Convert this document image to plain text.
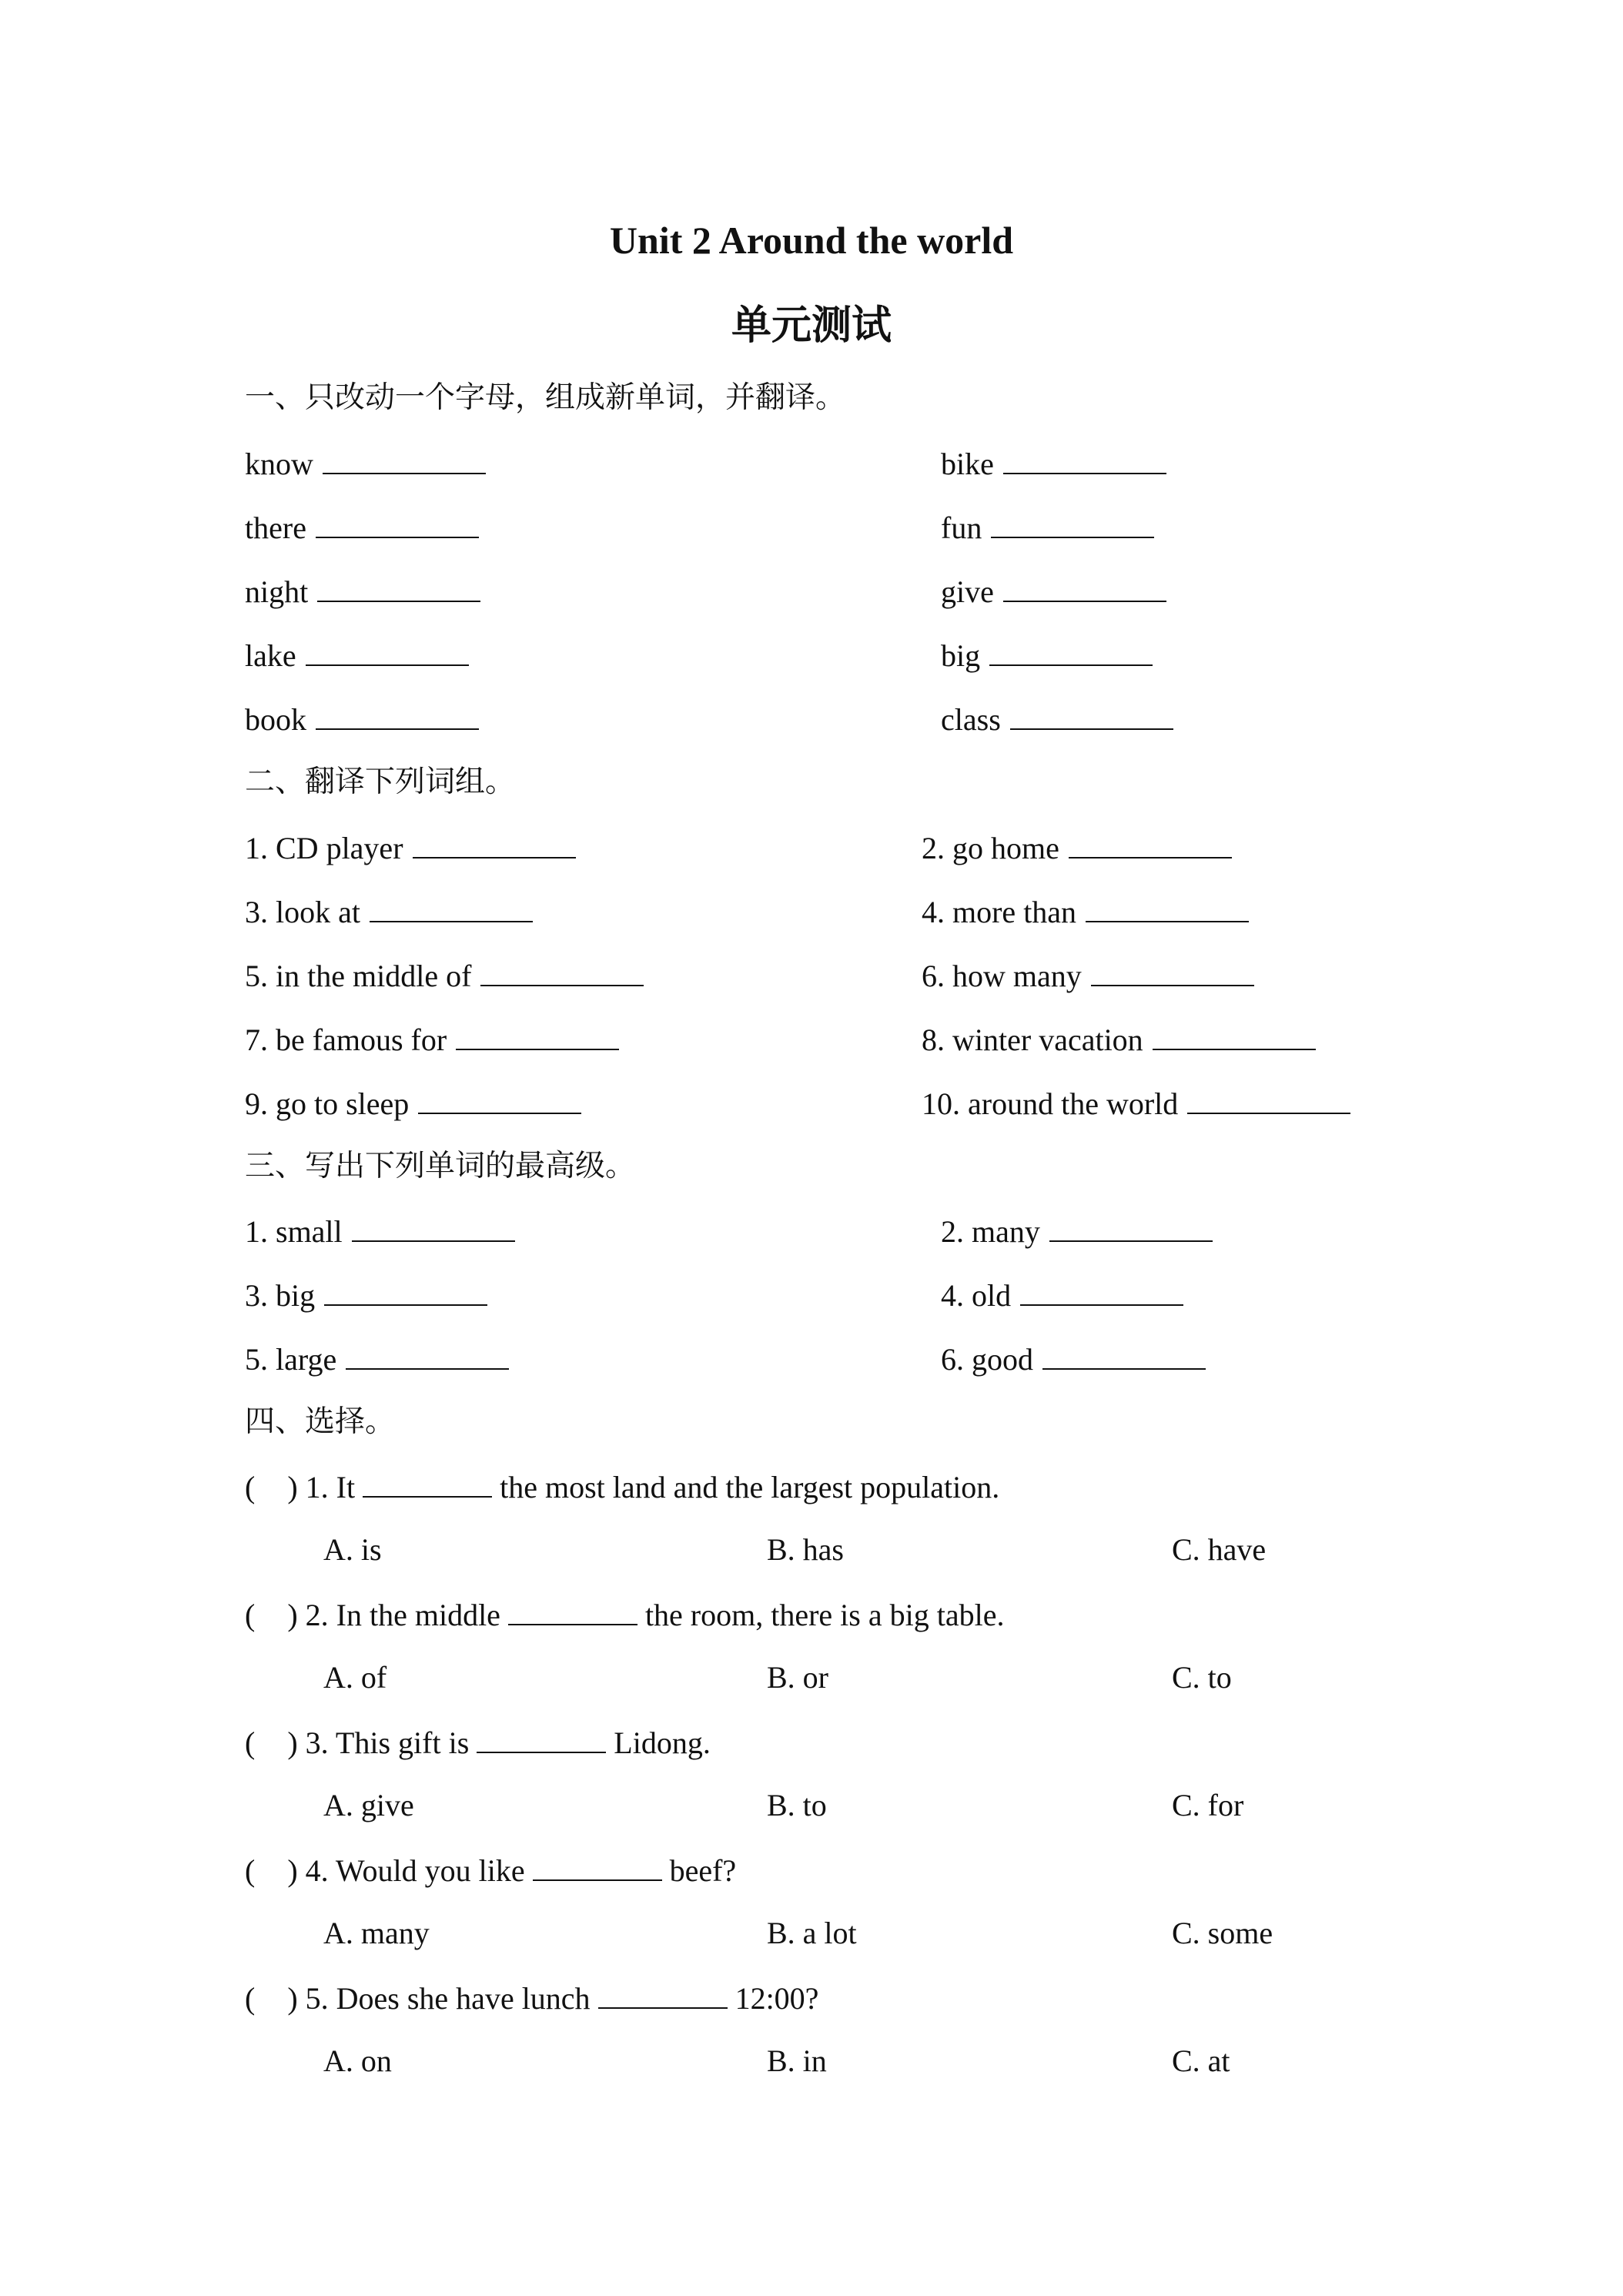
Unit 2 Around the world
单元测试
一、只改动一个字母，组成新单词，并翻译。
know	bike
there	fun
night	give
lake	big
book	class
二、翻译下列词组。
1. CD player	2. go home
3. look at	4. more than
5. in the middle of	6. how many
7. be famous for	8. winter vacation
9. go to sleep	10. around the world
三、写出下列单词的最高级。
1. small	2. many
3. big	4. old
5. large	6. good
四、选择。
( ) 1. It	the most land and the largest population.
A. is	B. has	C. have
( ) 2. In the middle	the room, there is a big table.
A. of	B. or	C. to
( ) 3. This gift is	Lidong.
A. give	B. to	C. for
( ) 4. Would you like	beef?
A. many	B. a lot	C. some
( ) 5. Does she have lunch	12:00?
A. on	B. in	C. at
